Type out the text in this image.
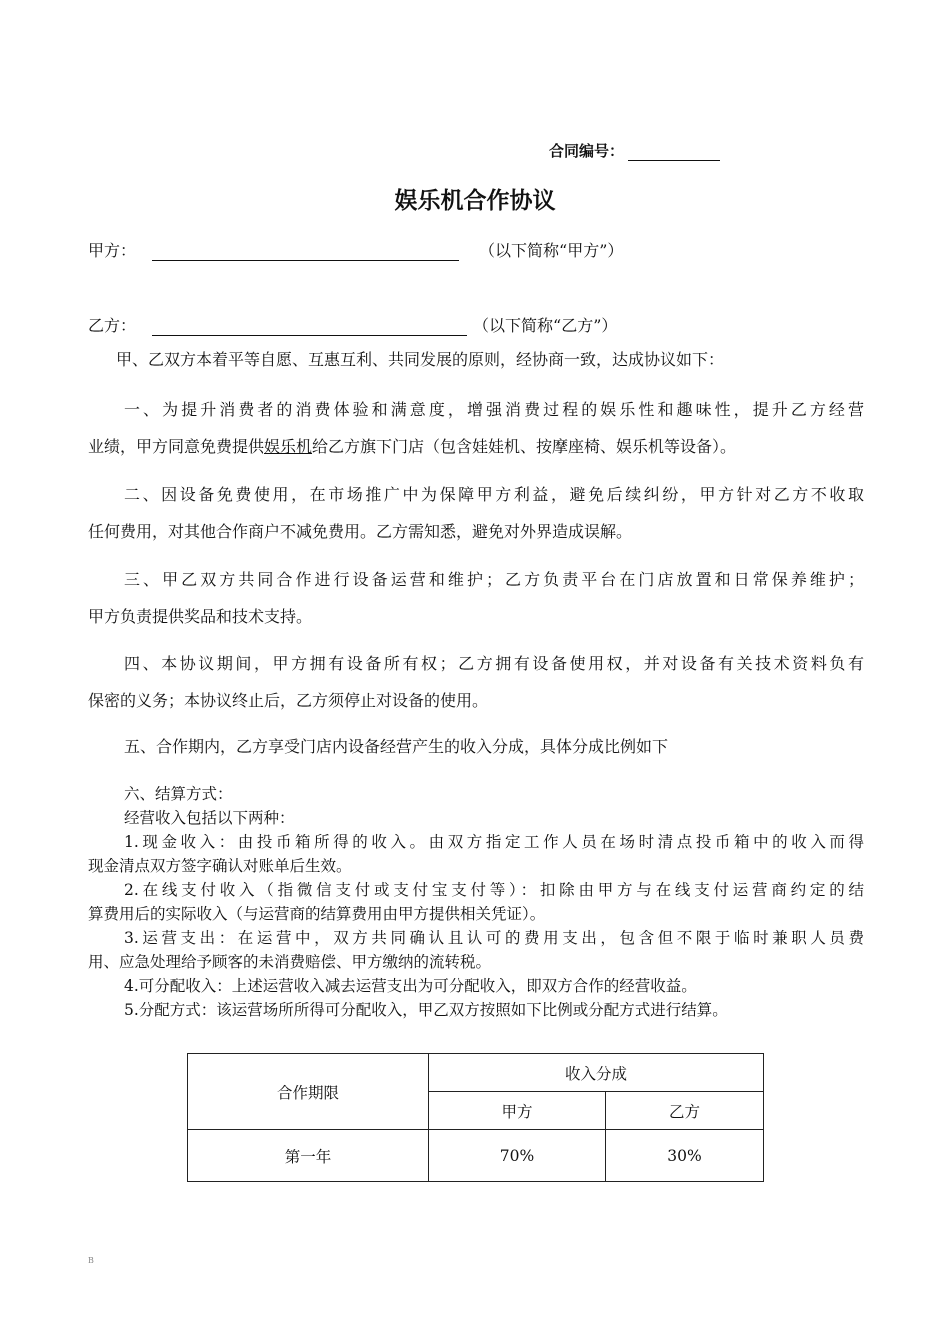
合同编号：
娱乐机合作协议
甲方：	（以下简称“甲方”）
乙方：	（以下简称“乙方”）
甲、乙双方本着平等自愿、互惠互利、共同发展的原则，经协商一致，达成协议如下：
一、为提升消费者的消费体验和满意度，增强消费过程的娱乐性和趣味性，提升乙方经营
业绩，甲方同意免费提供娱乐机给乙方旗下门店（包含娃娃机、按摩座椅、娱乐机等设备）。
二、因设备免费使用，在市场推广中为保障甲方利益，避免后续纠纷，甲方针对乙方不收取
任何费用，对其他合作商户不减免费用。乙方需知悉，避免对外界造成误解。
三、甲乙双方共同合作进行设备运营和维护；乙方负责平台在门店放置和日常保养维护；
甲方负责提供奖品和技术支持。
四、本协议期间，甲方拥有设备所有权；乙方拥有设备使用权，并对设备有关技术资料负有
保密的义务；本协议终止后，乙方须停止对设备的使用。
五、合作期内，乙方享受门店内设备经营产生的收入分成，具体分成比例如下
六、结算方式：
经营收入包括以下两种：
1.现金收入：由投币箱所得的收入。由双方指定工作人员在场时清点投币箱中的收入而得
现金清点双方签字确认对账单后生效。
2.在线支付收入（指微信支付或支付宝支付等）：扣除由甲方与在线支付运营商约定的结
算费用后的实际收入（与运营商的结算费用由甲方提供相关凭证）。
3.运营支出：在运营中，双方共同确认且认可的费用支出，包含但不限于临时兼职人员费
用、应急处理给予顾客的未消费赔偿、甲方缴纳的流转税。
4.可分配收入：上述运营收入减去运营支出为可分配收入，即双方合作的经营收益。
5.分配方式：该运营场所所得可分配收入，甲乙双方按照如下比例或分配方式进行结算。
合作期限	收入分成	
	甲方	乙方
第一年	70%	30%
B
